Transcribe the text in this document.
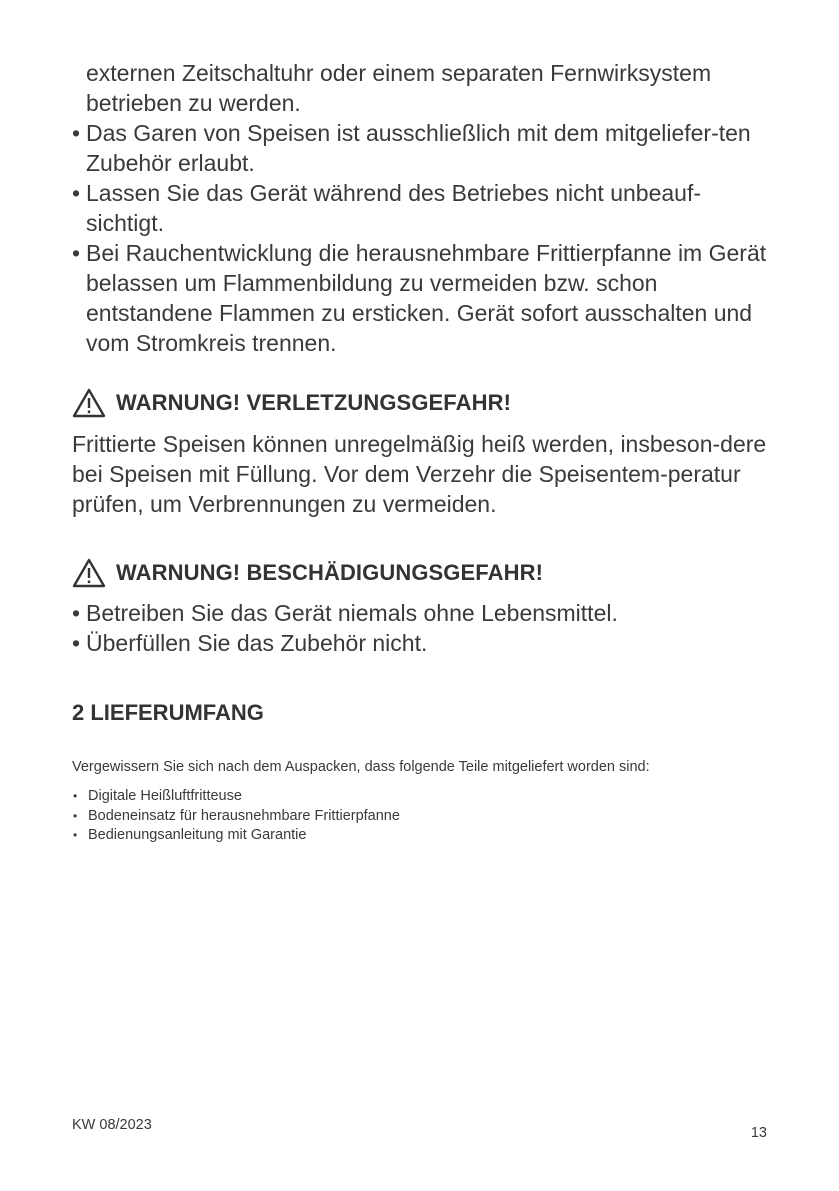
externen Zeitschaltuhr oder einem separaten Fernwirksystem betrieben zu werden.
• Das Garen von Speisen ist ausschließlich mit dem mitgeliefer-ten Zubehör erlaubt.
• Lassen Sie das Gerät während des Betriebes nicht unbeauf-sichtigt.
• Bei Rauchentwicklung die herausnehmbare Frittierpfanne im Gerät belassen um Flammenbildung zu vermeiden bzw. schon entstandene Flammen zu ersticken. Gerät sofort ausschalten und vom Stromkreis trennen.
WARNUNG! VERLETZUNGSGEFAHR!

Frittierte Speisen können unregelmäßig heiß werden, insbeson-dere bei Speisen mit Füllung. Vor dem Verzehr die Speisentem-peratur prüfen, um Verbrennungen zu vermeiden.

WARNUNG! BESCHÄDIGUNGSGEFAHR!
• Betreiben Sie das Gerät niemals ohne Lebensmittel.
• Überfüllen Sie das Zubehör nicht.
2 LIEFERUMFANG

Vergewissern Sie sich nach dem Auspacken, dass folgende Teile mitgeliefert worden sind:

• Digitale Heißluftfritteuse
• Bodeneinsatz für herausnehmbare Frittierpfanne
• Bedienungsanleitung mit Garantie
KW 08/2023	13
